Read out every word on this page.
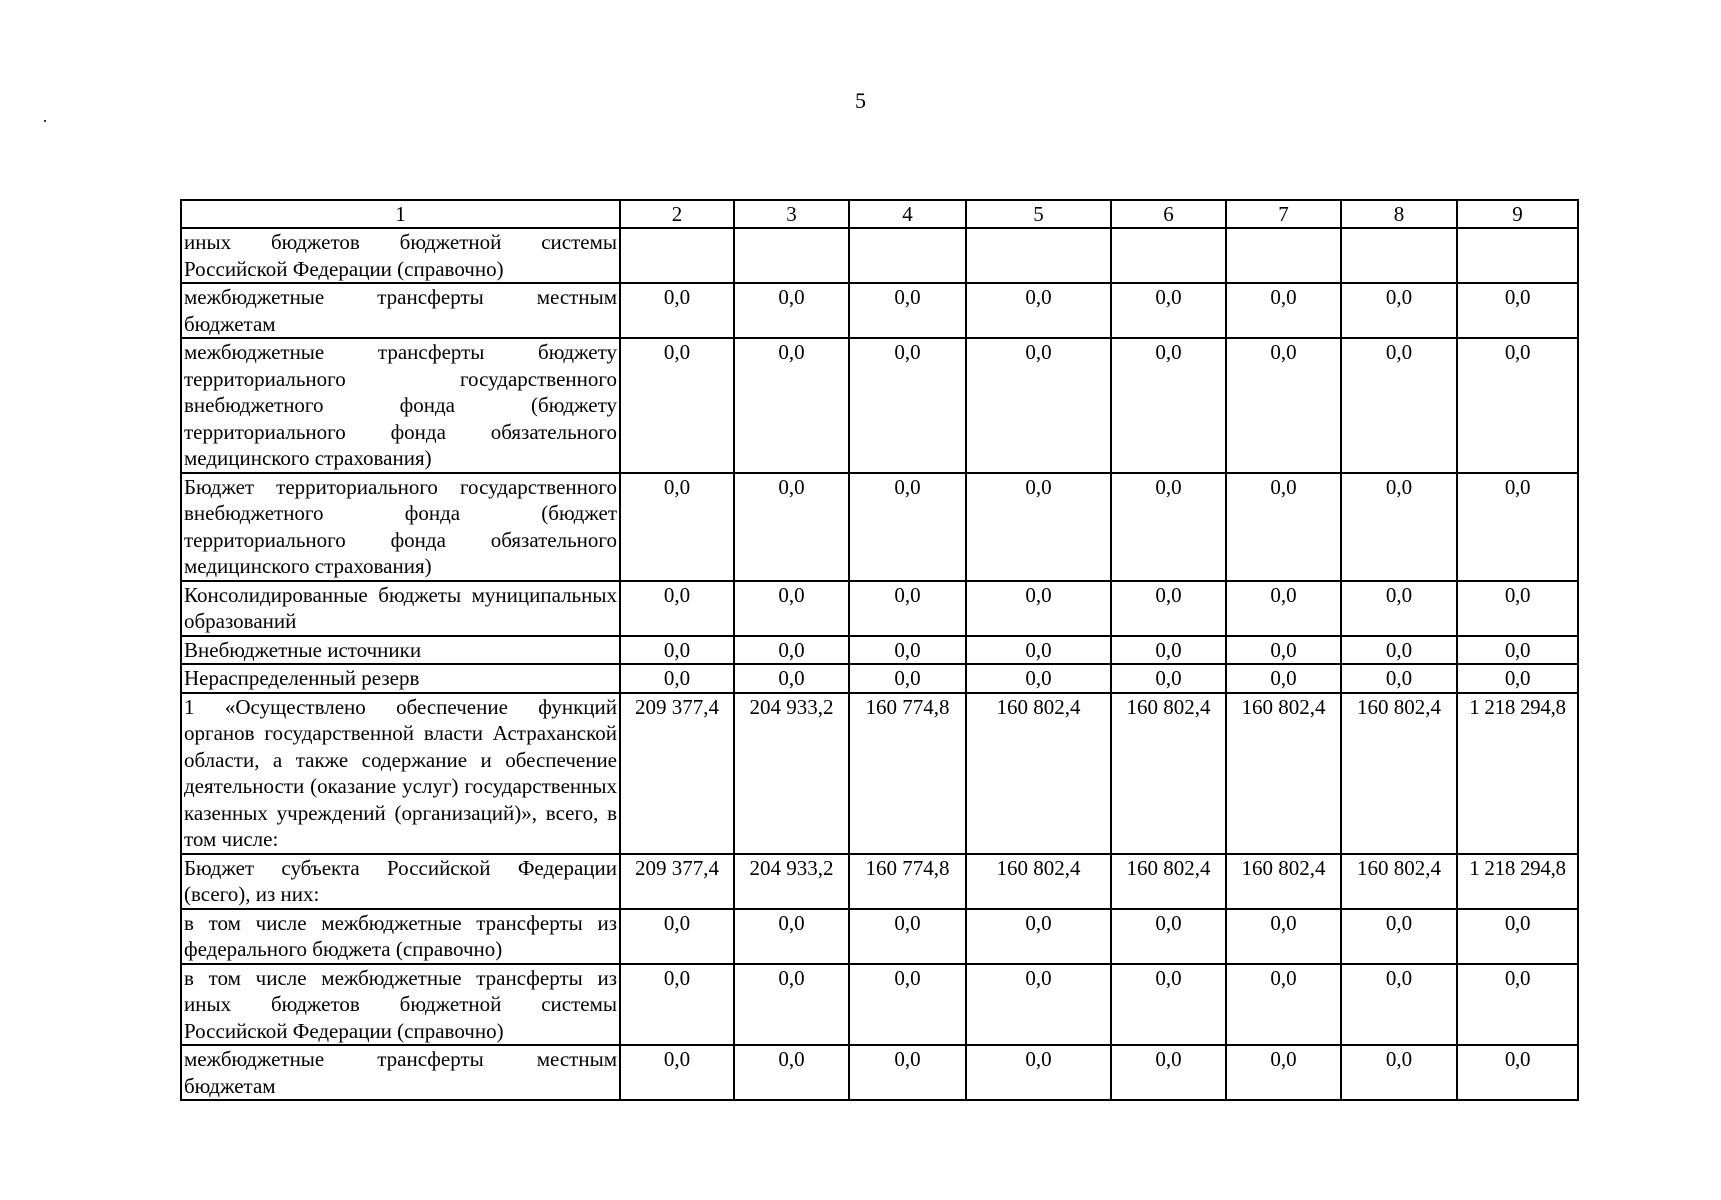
5
1	2	3	4	5	6	7	8	9
иных бюджетов бюджетной системы Российской Федерации (справочно)								
межбюджетные трансферты местным бюджетам	0,0	0,0	0,0	0,0	0,0	0,0	0,0	0,0
межбюджетные трансферты бюджету территориального государственного внебюджетного фонда (бюджету территориального фонда обязательного медицинского страхования)	0,0	0,0	0,0	0,0	0,0	0,0	0,0	0,0
Бюджет территориального государственного внебюджетного фонда (бюджет территориального фонда обязательного медицинского страхования)	0,0	0,0	0,0	0,0	0,0	0,0	0,0	0,0
Консолидированные бюджеты муниципальных образований	0,0	0,0	0,0	0,0	0,0	0,0	0,0	0,0
Внебюджетные источники	0,0	0,0	0,0	0,0	0,0	0,0	0,0	0,0
Нераспределенный резерв	0,0	0,0	0,0	0,0	0,0	0,0	0,0	0,0
1 «Осуществлено обеспечение функций органов государственной власти Астраханской области, а также содержание и обеспечение деятельности (оказание услуг) государственных казенных учреждений (организаций)», всего, в том числе:	209 377,4	204 933,2	160 774,8	160 802,4	160 802,4	160 802,4	160 802,4	1 218 294,8
Бюджет субъекта Российской Федерации (всего), из них:	209 377,4	204 933,2	160 774,8	160 802,4	160 802,4	160 802,4	160 802,4	1 218 294,8
в том числе межбюджетные трансферты из федерального бюджета (справочно)	0,0	0,0	0,0	0,0	0,0	0,0	0,0	0,0
в том числе межбюджетные трансферты из иных бюджетов бюджетной системы Российской Федерации (справочно)	0,0	0,0	0,0	0,0	0,0	0,0	0,0	0,0
межбюджетные трансферты местным бюджетам	0,0	0,0	0,0	0,0	0,0	0,0	0,0	0,0
